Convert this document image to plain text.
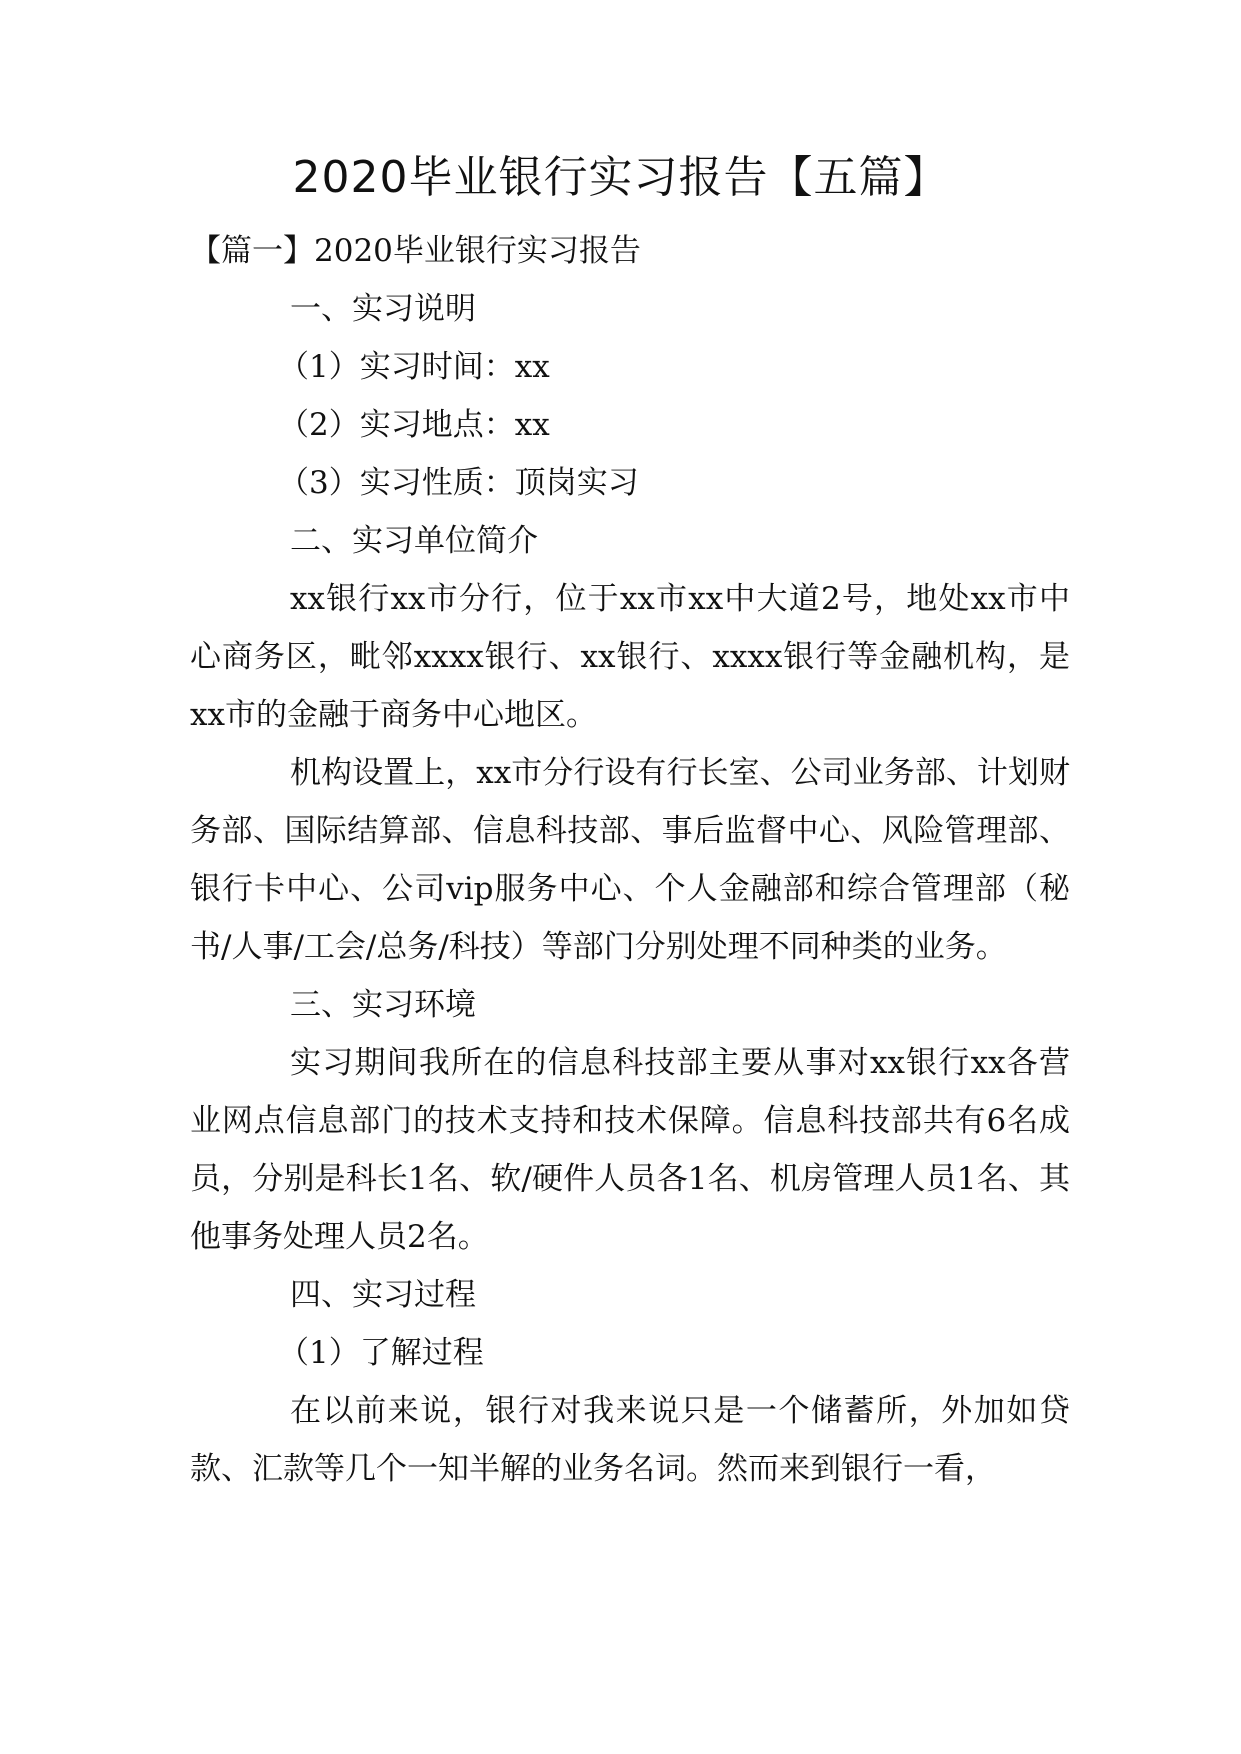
2020毕业银行实习报告【五篇】
【篇一】2020毕业银行实习报告
一、实习说明
（1）实习时间：xx
（2）实习地点：xx
（3）实习性质：顶岗实习
二、实习单位简介
xx银行xx市分行，位于xx市xx中大道2号，地处xx市中心商务区，毗邻xxxx银行、xx银行、xxxx银行等金融机构，是xx市的金融于商务中心地区。
机构设置上，xx市分行设有行长室、公司业务部、计划财务部、国际结算部、信息科技部、事后监督中心、风险管理部、银行卡中心、公司vip服务中心、个人金融部和综合管理部（秘书/人事/工会/总务/科技）等部门分别处理不同种类的业务。
三、实习环境
实习期间我所在的信息科技部主要从事对xx银行xx各营业网点信息部门的技术支持和技术保障。信息科技部共有6名成员，分别是科长1名、软/硬件人员各1名、机房管理人员1名、其他事务处理人员2名。
四、实习过程
（1）了解过程
在以前来说，银行对我来说只是一个储蓄所，外加如贷款、汇款等几个一知半解的业务名词。然而来到银行一看，
